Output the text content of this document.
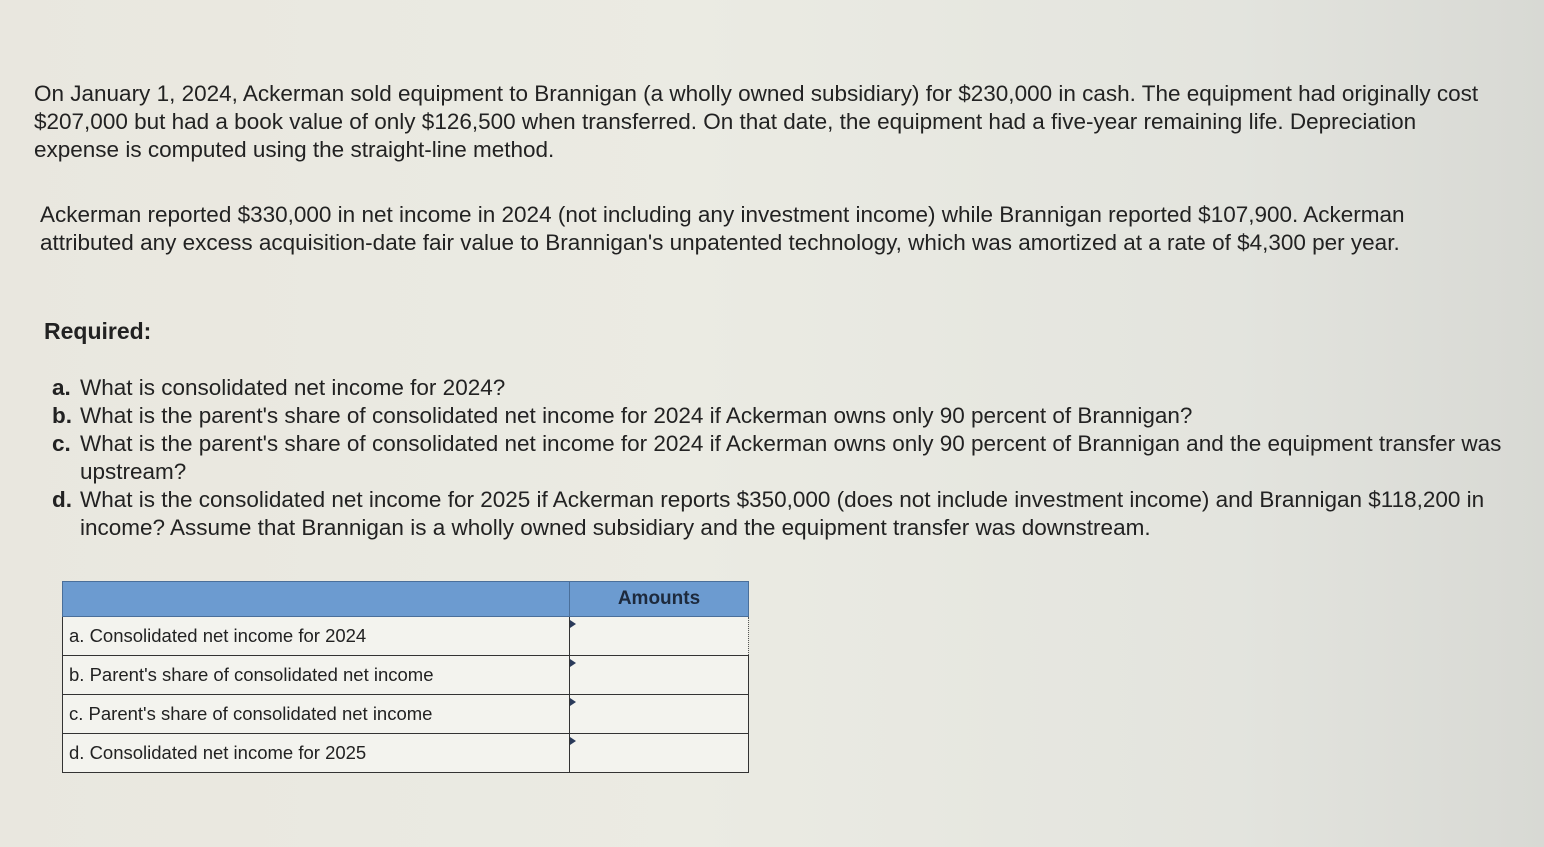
On January 1, 2024, Ackerman sold equipment to Brannigan (a wholly owned subsidiary) for $230,000 in cash. The equipment had originally cost $207,000 but had a book value of only $126,500 when transferred. On that date, the equipment had a five-year remaining life. Depreciation expense is computed using the straight-line method.

Ackerman reported $330,000 in net income in 2024 (not including any investment income) while Brannigan reported $107,900. Ackerman attributed any excess acquisition-date fair value to Brannigan's unpatented technology, which was amortized at a rate of $4,300 per year.

Required:
a. What is consolidated net income for 2024?
b. What is the parent's share of consolidated net income for 2024 if Ackerman owns only 90 percent of Brannigan?
c. What is the parent's share of consolidated net income for 2024 if Ackerman owns only 90 percent of Brannigan and the equipment transfer was upstream?
d. What is the consolidated net income for 2025 if Ackerman reports $350,000 (does not include investment income) and Brannigan $118,200 in income? Assume that Brannigan is a wholly owned subsidiary and the equipment transfer was downstream.
	Amounts
a. Consolidated net income for 2024	
b. Parent's share of consolidated net income	
c. Parent's share of consolidated net income	
d. Consolidated net income for 2025	
